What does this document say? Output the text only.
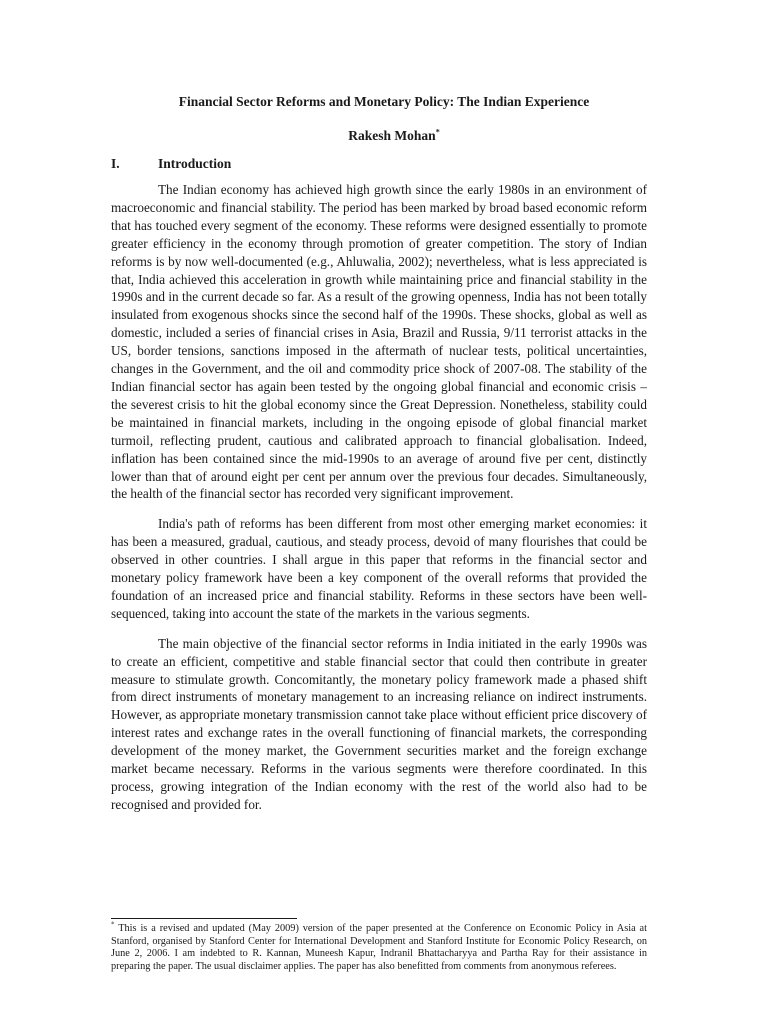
Financial Sector Reforms and Monetary Policy: The Indian Experience
Rakesh Mohan*
I.	Introduction

The Indian economy has achieved high growth since the early 1980s in an environment of macroeconomic and financial stability. The period has been marked by broad based economic reform that has touched every segment of the economy. These reforms were designed essentially to promote greater efficiency in the economy through promotion of greater competition. The story of Indian reforms is by now well-documented (e.g., Ahluwalia, 2002); nevertheless, what is less appreciated is that, India achieved this acceleration in growth while maintaining price and financial stability in the 1990s and in the current decade so far. As a result of the growing openness, India has not been totally insulated from exogenous shocks since the second half of the 1990s. These shocks, global as well as domestic, included a series of financial crises in Asia, Brazil and Russia, 9/11 terrorist attacks in the US, border tensions, sanctions imposed in the aftermath of nuclear tests, political uncertainties, changes in the Government, and the oil and commodity price shock of 2007-08. The stability of the Indian financial sector has again been tested by the ongoing global financial and economic crisis – the severest crisis to hit the global economy since the Great Depression. Nonetheless, stability could be maintained in financial markets, including in the ongoing episode of global financial market turmoil, reflecting prudent, cautious and calibrated approach to financial globalisation. Indeed, inflation has been contained since the mid-1990s to an average of around five per cent, distinctly lower than that of around eight per cent per annum over the previous four decades. Simultaneously, the health of the financial sector has recorded very significant improvement.

India's path of reforms has been different from most other emerging market economies: it has been a measured, gradual, cautious, and steady process, devoid of many flourishes that could be observed in other countries. I shall argue in this paper that reforms in the financial sector and monetary policy framework have been a key component of the overall reforms that provided the foundation of an increased price and financial stability. Reforms in these sectors have been well-sequenced, taking into account the state of the markets in the various segments.

The main objective of the financial sector reforms in India initiated in the early 1990s was to create an efficient, competitive and stable financial sector that could then contribute in greater measure to stimulate growth. Concomitantly, the monetary policy framework made a phased shift from direct instruments of monetary management to an increasing reliance on indirect instruments. However, as appropriate monetary transmission cannot take place without efficient price discovery of interest rates and exchange rates in the overall functioning of financial markets, the corresponding development of the money market, the Government securities market and the foreign exchange market became necessary. Reforms in the various segments were therefore coordinated. In this process, growing integration of the Indian economy with the rest of the world also had to be recognised and provided for.

* This is a revised and updated (May 2009) version of the paper presented at the Conference on Economic Policy in Asia at Stanford, organised by Stanford Center for International Development and Stanford Institute for Economic Policy Research, on June 2, 2006. I am indebted to R. Kannan, Muneesh Kapur, Indranil Bhattacharyya and Partha Ray for their assistance in preparing the paper. The usual disclaimer applies. The paper has also benefitted from comments from anonymous referees.
